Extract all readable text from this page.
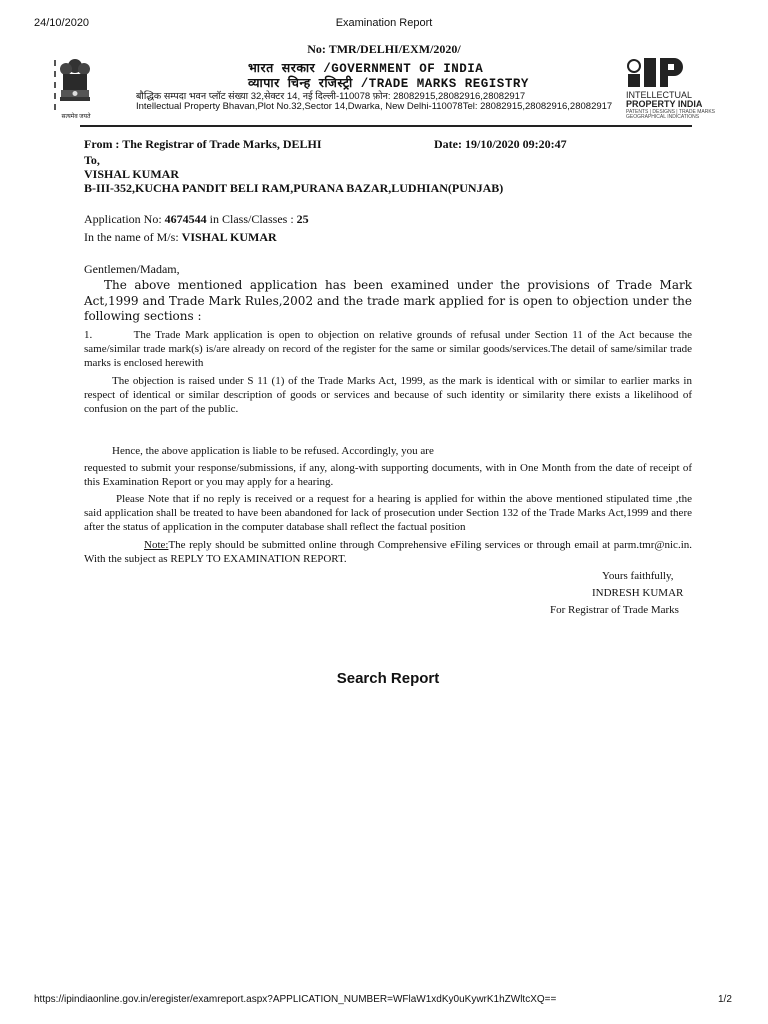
24/10/2020	Examination Report
No: TMR/DELHI/EXM/2020/
सत्यमेव जयते
भारत सरकार /GOVERNMENT OF INDIA
व्यापार चिन्ह रजिस्ट्री /TRADE MARKS REGISTRY
बौद्धिक सम्पदा भवन प्लॉट संख्या 32,सेक्टर 14, नई दिल्ली-110078 फ़ोन: 28082915,28082916,28082917
Intellectual Property Bhavan,Plot No.32,Sector 14,Dwarka, New Delhi-110078Tel: 28082915,28082916,28082917
INTELLECTUAL
PROPERTY INDIA
PATENTS | DESIGNS | TRADE MARKS
GEOGRAPHICAL INDICATIONS
From : The Registrar of Trade Marks, DELHI	Date: 19/10/2020 09:20:47
To,
VISHAL KUMAR
B-III-352,KUCHA PANDIT BELI RAM,PURANA BAZAR,LUDHIAN(PUNJAB)
Application No: 4674544 in Class/Classes : 25
In the name of M/s: VISHAL KUMAR
Gentlemen/Madam,
The above mentioned application has been examined under the provisions of Trade Mark Act,1999 and Trade Mark Rules,2002 and the trade mark applied for is open to objection under the following sections :
1.	The Trade Mark application is open to objection on relative grounds of refusal under Section 11 of the Act because the same/similar trade mark(s) is/are already on record of the register for the same or similar goods/services.The detail of same/similar trade marks is enclosed herewith
The objection is raised under S 11 (1) of the Trade Marks Act, 1999, as the mark is identical with or similar to earlier marks in respect of identical or similar description of goods or services and because of such identity or similarity there exists a likelihood of confusion on the part of the public.
Hence, the above application is liable to be refused. Accordingly, you are
requested to submit your response/submissions, if any, along-with supporting documents, with in One Month from the date of receipt of this Examination Report or you may apply for a hearing.
Please Note that if no reply is received or a request for a hearing is applied for within the above mentioned stipulated time ,the said application shall be treated to have been abandoned for lack of prosecution under Section 132 of the Trade Marks Act,1999 and there after the status of application in the computer database shall reflect the factual position
Note:The reply should be submitted online through Comprehensive eFiling services or through email at parm.tmr@nic.in. With the subject as REPLY TO EXAMINATION REPORT.
Yours faithfully,
INDRESH KUMAR
For Registrar of Trade Marks
Search Report
https://ipindiaonline.gov.in/eregister/examreport.aspx?APPLICATION_NUMBER=WFlaW1xdKy0uKywrK1hZWltcXQ==	1/2
